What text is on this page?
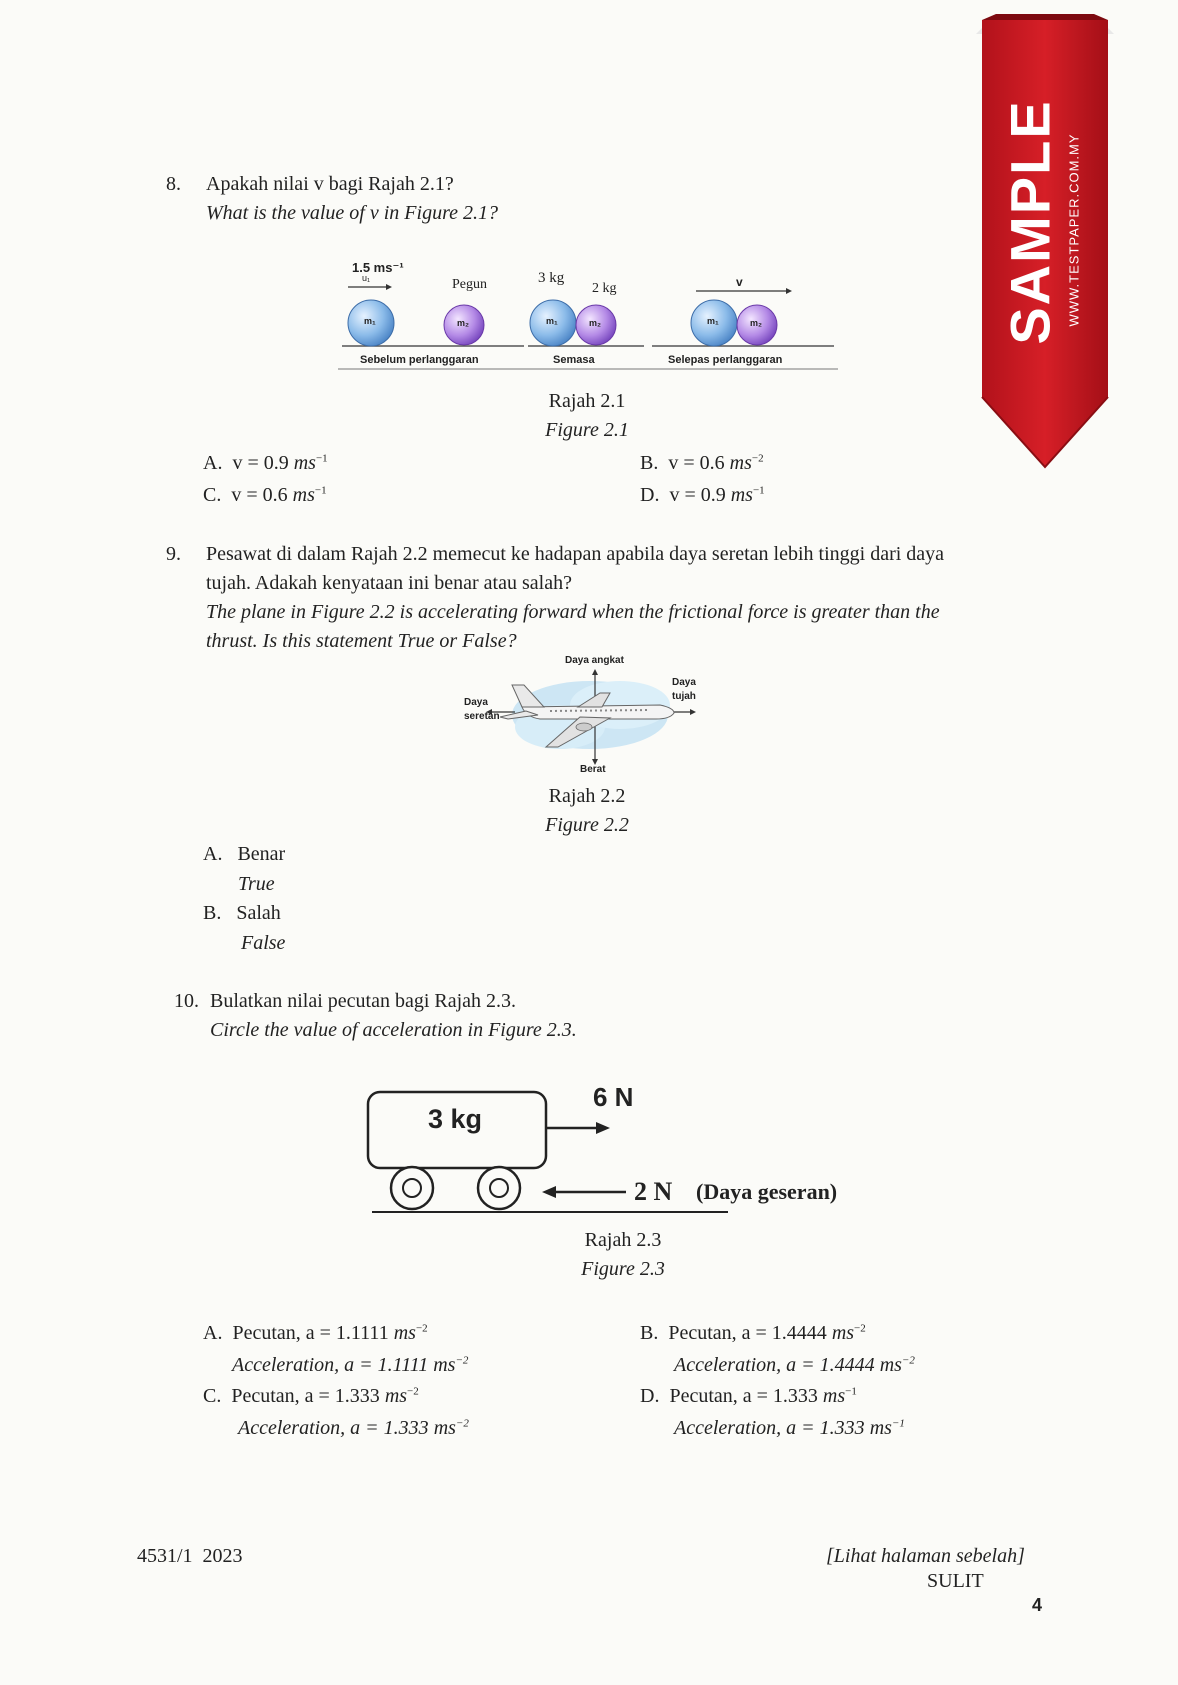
SAMPLE WWW.TESTPAPER.COM.MY
8. Apakah nilai v bagi Rajah 2.1?
What is the value of v in Figure 2.1?
1.5 ms⁻¹
u₁	Pegun	3 kg
2 kg	v
m₁	m₂	m₁	m₂	m₁	m₂
Sebelum perlanggaran	Semasa	Selepas perlanggaran
Rajah 2.1
Figure 2.1
A. v = 0.9 $ms^{-1}$	B. v = 0.6 $ms^{-2}$
C. v = 0.6 $ms^{-1}$	D. v = 0.9 $ms^{-1}$
9. Pesawat di dalam Rajah 2.2 memecut ke hadapan apabila daya seretan lebih tinggi dari daya
tujah. Adakah kenyataan ini benar atau salah?
The plane in Figure 2.2 is accelerating forward when the frictional force is greater than the
thrust. Is this statement True or False?
Daya angkat
Daya
tujah
Daya
seretan
Berat
Rajah 2.2
Figure 2.2
A. Benar
True
B. Salah
False
10. Bulatkan nilai pecutan bagi Rajah 2.3.
Circle the value of acceleration in Figure 2.3.
3 kg
6 N
2 N (Daya geseran)
Rajah 2.3
Figure 2.3
A. Pecutan, a = 1.1111 $ms^{-2}$
Acceleration, a = 1.1111 $ms^{-2}$
B. Pecutan, a = 1.4444 $ms^{-2}$
Acceleration, a = 1.4444 $ms^{-2}$
C. Pecutan, a = 1.333 $ms^{-2}$
Acceleration, a = 1.333 $ms^{-2}$
D. Pecutan, a = 1.333 $ms^{-1}$
Acceleration, a = 1.333 $ms^{-1}$
4531/1  2023	[Lihat halaman sebelah]
SULIT
4
